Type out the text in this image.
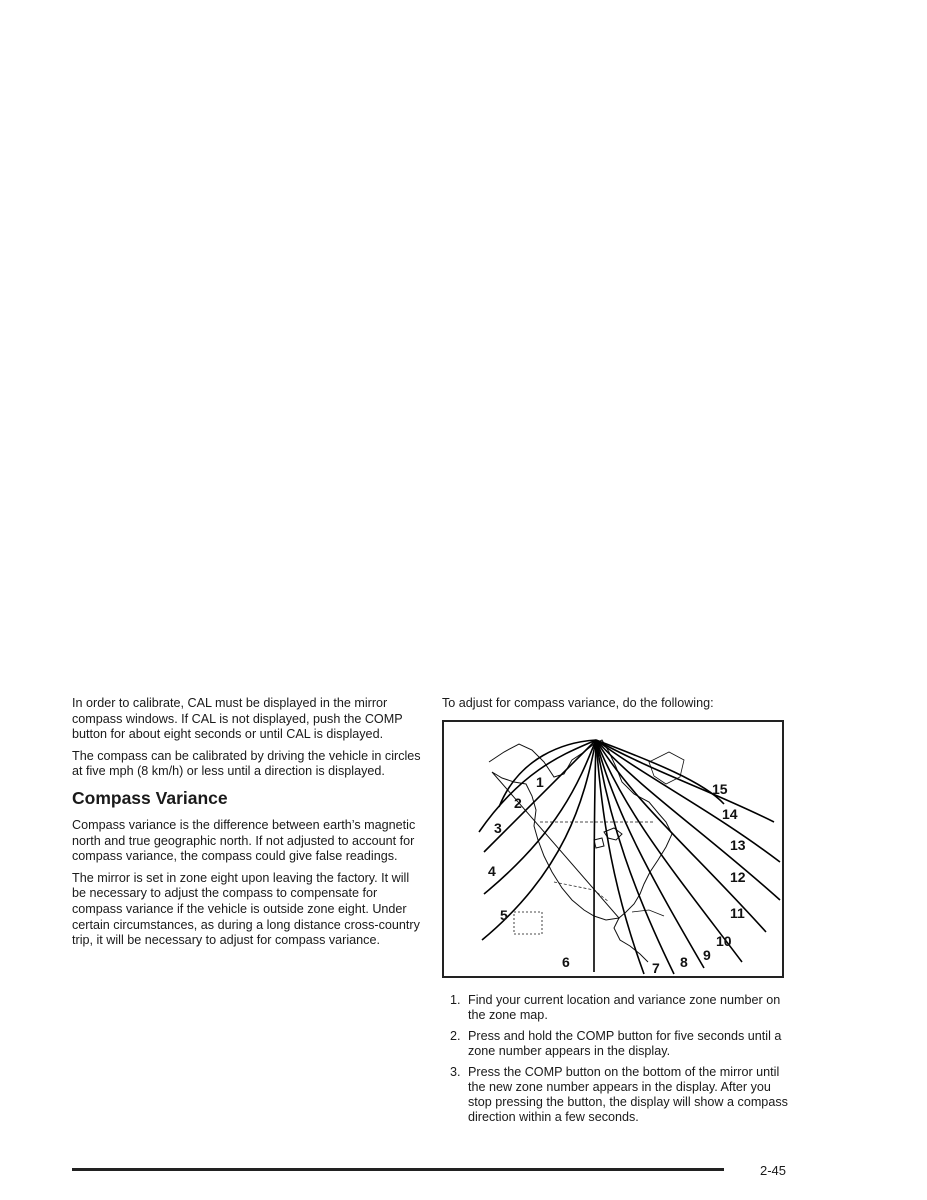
In order to calibrate, CAL must be displayed in the mirror compass windows. If CAL is not displayed, push the COMP button for about eight seconds or until CAL is displayed.

The compass can be calibrated by driving the vehicle in circles at five mph (8 km/h) or less until a direction is displayed.

Compass Variance

Compass variance is the difference between earth’s magnetic north and true geographic north. If not adjusted to account for compass variance, the compass could give false readings.

The mirror is set in zone eight upon leaving the factory. It will be necessary to adjust the compass to compensate for compass variance if the vehicle is outside zone eight. Under certain circumstances, as during a long distance cross-country trip, it will be necessary to adjust for compass variance.

To adjust for compass variance, do the following:

1
2
3
4
5
6	7 8 9
10
11
12
13
14
15
1. Find your current location and variance zone number on the zone map.
2. Press and hold the COMP button for five seconds until a zone number appears in the display.
3. Press the COMP button on the bottom of the mirror until the new zone number appears in the display. After you stop pressing the button, the display will show a compass direction within a few seconds.
2-45
